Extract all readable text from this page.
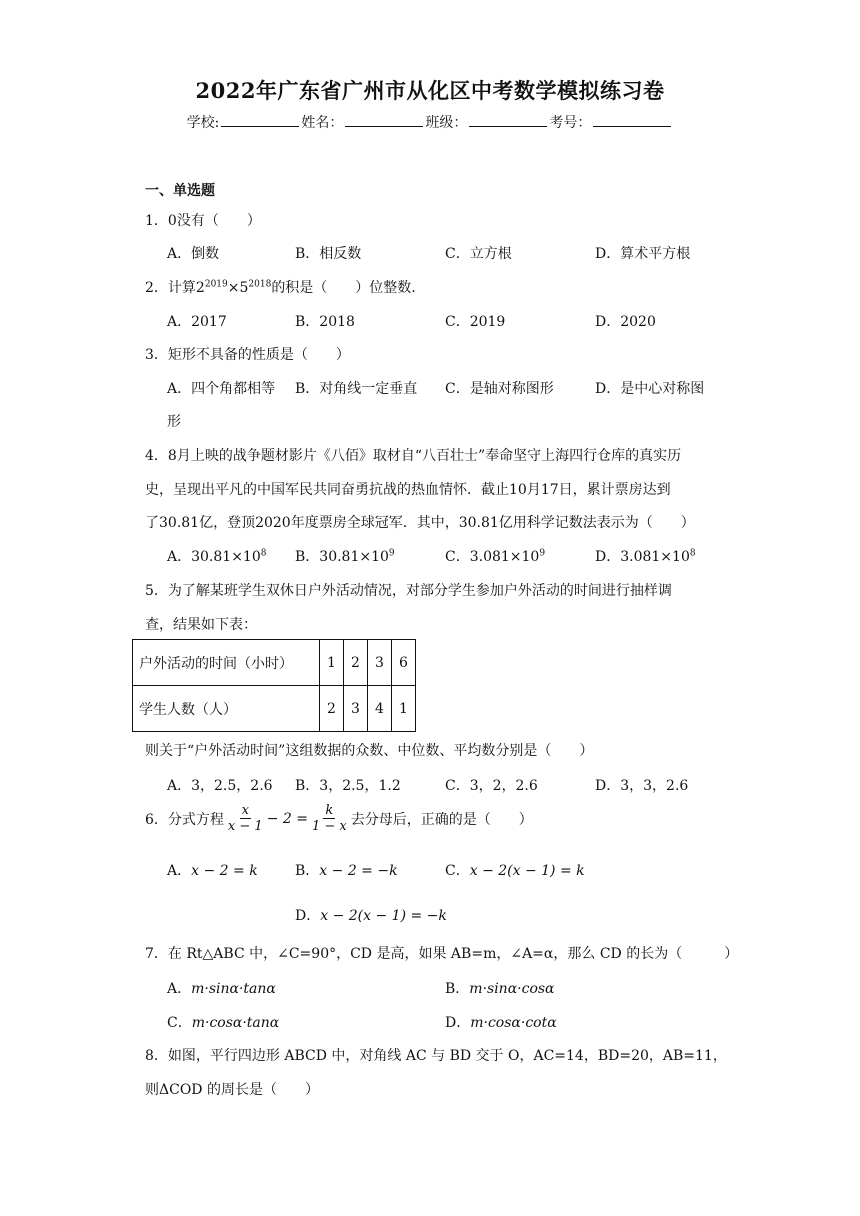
2022年广东省广州市从化区中考数学模拟练习卷
学校:	姓名：	班级：	考号：
一、单选题
1．0没有（　　）
A．倒数	B．相反数	C．立方根	D．算术平方根
2．计算$2^{2019}\times 5^{2018}$的积是（　　）位整数.
A．2017	B．2018	C．2019	D．2020
3．矩形不具备的性质是（　　）
A．四个角都相等 B．对角线一定垂直 C．是轴对称图形	D．是中心对称图
形
4．8月上映的战争题材影片《八佰》取材自“八百壮士”奉命坚守上海四行仓库的真实历
史，呈现出平凡的中国军民共同奋勇抗战的热血情怀．截止10月17日，累计票房达到
了30.81亿，登顶2020年度票房全球冠军．其中，30.81亿用科学记数法表示为（　　）
A．$30.81\times 10^8$ B．$30.81\times 10^9$	C．$3.081\times 10^9$	D．$3.081\times 10^8$
5．为了解某班学生双休日户外活动情况，对部分学生参加户外活动的时间进行抽样调
查，结果如下表：
户外活动的时间（小时）	1	2	3	6
学生人数（人）	2	3	4	1
则关于“户外活动时间”这组数据的众数、中位数、平均数分别是（　　）
A．3，2.5，2.6 B．3，2.5，1.2	C．3，2，2.6	D．3，3，2.6
6．分式方程 $\frac{x}{x - 1} - 2 = \frac{k}{1 - x}$ 去分母后，正确的是（　　）
A．x − 2 = k	B．x − 2 = −k	C．x − 2(x − 1) = k
D．x − 2(x − 1) = −k
7．在 Rt△ABC 中，∠C=90°，CD 是高，如果 AB=m，∠A=α，那么 CD 的长为（　　　）
A．m·sinα·tanα	B．m·sinα·cosα
C．m·cosα·tanα	D．m·cosα·cotα
8．如图，平行四边形 ABCD 中，对角线 AC 与 BD 交于 O，AC=14，BD=20，AB=11，
则ΔCOD 的周长是（　　）
